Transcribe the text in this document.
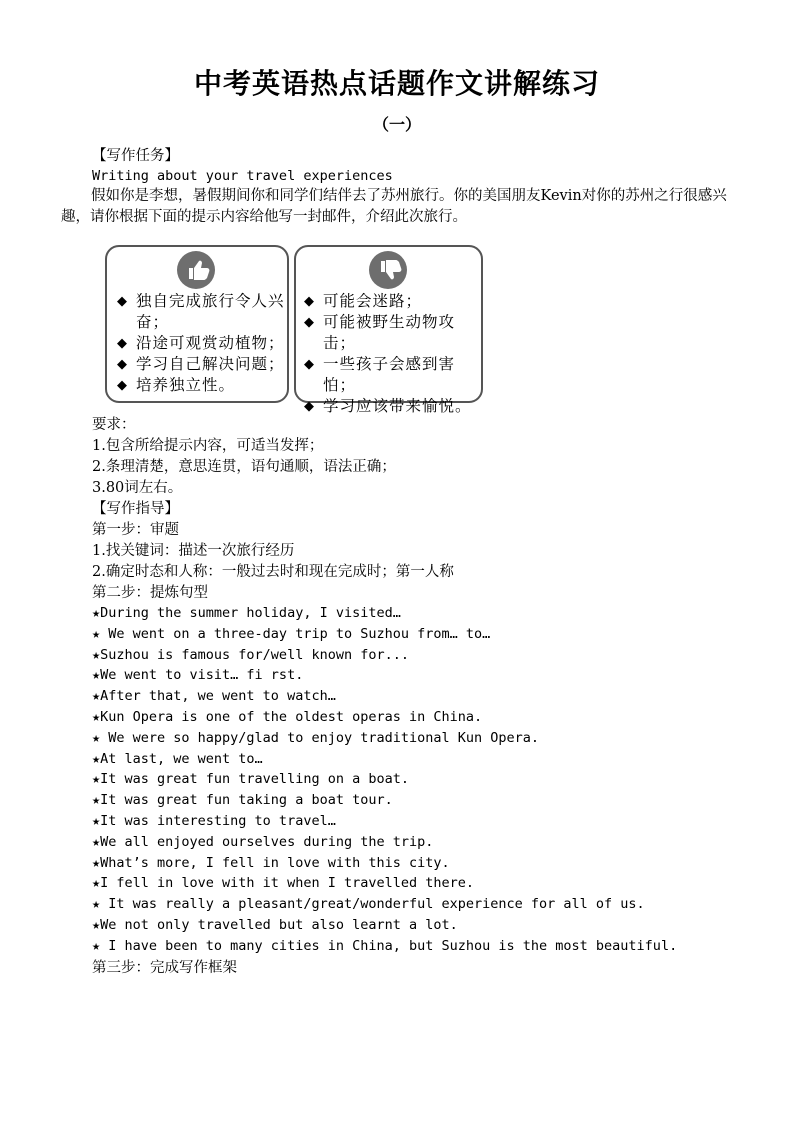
中考英语热点话题作文讲解练习
（一）
【写作任务】
Writing about your travel experiences
假如你是李想，暑假期间你和同学们结伴去了苏州旅行。你的美国朋友Kevin对你的苏州之行很感兴趣，请你根据下面的提示内容给他写一封邮件，介绍此次旅行。
◆ 独自完成旅行令人兴奋；
◆ 沿途可观赏动植物；
◆ 学习自己解决问题；
◆ 培养独立性。
◆ 可能会迷路；
◆ 可能被野生动物攻击；
◆ 一些孩子会感到害怕；
◆ 学习应该带来愉悦。
要求：
1.包含所给提示内容，可适当发挥；
2.条理清楚，意思连贯，语句通顺，语法正确；
3.80词左右。
【写作指导】
第一步：审题
1.找关键词：描述一次旅行经历
2.确定时态和人称：一般过去时和现在完成时；第一人称
第二步：提炼句型
★During the summer holiday, I visited…
★ We went on a three-day trip to Suzhou from… to…
★Suzhou is famous for/well known for...
★We went to visit… fi rst.
★After that, we went to watch…
★Kun Opera is one of the oldest operas in China.
★ We were so happy/glad to enjoy traditional Kun Opera.
★At last, we went to…
★It was great fun travelling on a boat.
★It was great fun taking a boat tour.
★It was interesting to travel…
★We all enjoyed ourselves during the trip.
★What’s more, I fell in love with this city.
★I fell in love with it when I travelled there.
★ It was really a pleasant/great/wonderful experience for all of us.
★We not only travelled but also learnt a lot.
★ I have been to many cities in China, but Suzhou is the most beautiful.
第三步：完成写作框架
